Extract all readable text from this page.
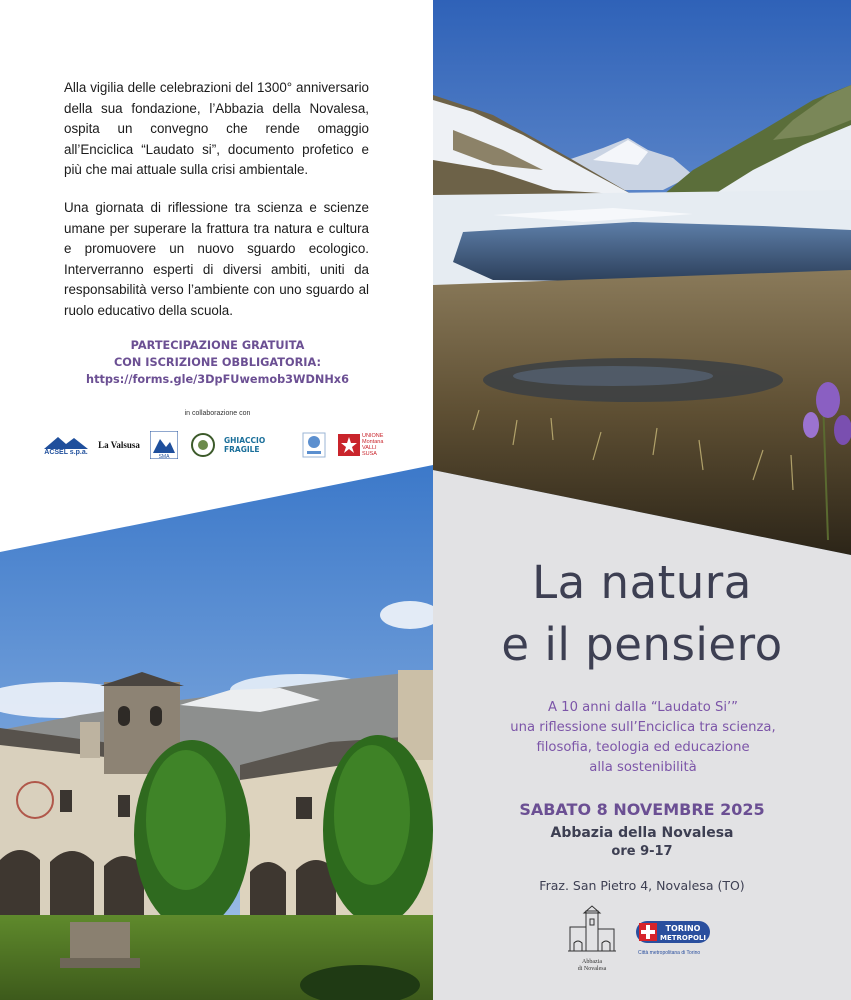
Alla vigilia delle celebrazioni del 1300° anniversario della sua fondazione, l’Abbazia della Novalesa, ospita un convegno che rende omaggio all’Enciclica “Laudato si”, documento profetico e più che mai attuale sulla crisi ambientale.

Una giornata di riflessione tra scienza e scienze umane per superare la frattura tra natura e cultura e promuovere un nuovo sguardo ecologico. Interverranno esperti di diversi ambiti, uniti da responsabilità verso l’ambiente con uno sguardo al ruolo educativo della scuola.

PARTECIPAZIONE GRATUITA
CON ISCRIZIONE OBBLIGATORIA:
https://forms.gle/3DpFUwemob3WDNHx6
in collaborazione con
ACSEL s.p.a.
La Valsusa
SMA
GHIACCIO FRAGILE
UNIONE Montana VALLI SUSA
La natura
e il pensiero
A 10 anni dalla “Laudato Si’”
una riflessione sull’Enciclica tra scienza,
filosofia, teologia ed educazione
alla sostenibilità
SABATO 8 NOVEMBRE 2025
Abbazia della Novalesa
ore 9-17
Fraz. San Pietro 4, Novalesa (TO)
Abbazia
di Novalesa
TORINO
METROPOLI
Città metropolitana di Torino
